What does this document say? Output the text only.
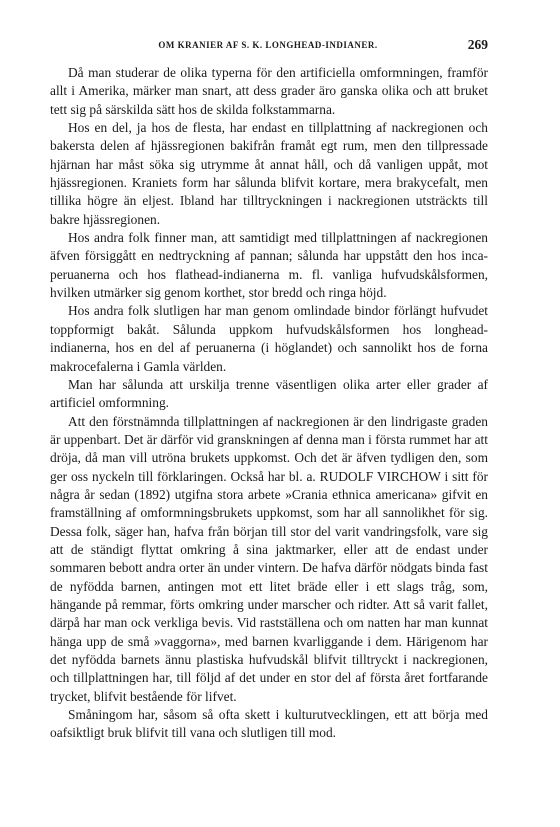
OM KRANIER AF S. K. LONGHEAD-INDIANER.	269

Då man studerar de olika typerna för den artificiella omformningen, framför allt i Amerika, märker man snart, att dess grader äro ganska olika och att bruket tett sig på särskilda sätt hos de skilda folkstammarna.

Hos en del, ja hos de flesta, har endast en tillplattning af nackregionen och bakersta delen af hjässregionen bakifrån framåt egt rum, men den tillpressade hjärnan har måst söka sig utrymme åt annat håll, och då vanligen uppåt, mot hjässregionen. Kraniets form har sålunda blifvit kortare, mera brakycefalt, men tillika högre än eljest. Ibland har tilltryckningen i nackregionen utsträckts till bakre hjässregionen.

Hos andra folk finner man, att samtidigt med tillplattningen af nackregionen äfven försiggått en nedtryckning af pannan; sålunda har uppstått den hos inca-peruanerna och hos flathead-indianerna m. fl. vanliga hufvudskålsformen, hvilken utmärker sig genom korthet, stor bredd och ringa höjd.

Hos andra folk slutligen har man genom omlindade bindor förlängt hufvudet toppformigt bakåt. Sålunda uppkom hufvudskålsformen hos longhead-indianerna, hos en del af peruanerna (i höglandet) och sannolikt hos de forna makrocefalerna i Gamla världen.

Man har sålunda att urskilja trenne väsentligen olika arter eller grader af artificiel omformning.

Att den förstnämnda tillplattningen af nackregionen är den lindrigaste graden är uppenbart. Det är därför vid granskningen af denna man i första rummet har att dröja, då man vill utröna brukets uppkomst. Och det är äfven tydligen den, som ger oss nyckeln till förklaringen. Också har bl. a. RUDOLF VIRCHOW i sitt för några år sedan (1892) utgifna stora arbete »Crania ethnica americana» gifvit en framställning af omformningsbrukets uppkomst, som har all sannolikhet för sig. Dessa folk, säger han, hafva från början till stor del varit vandringsfolk, vare sig att de ständigt flyttat omkring å sina jaktmarker, eller att de endast under sommaren bebott andra orter än under vintern. De hafva därför nödgats binda fast de nyfödda barnen, antingen mot ett litet bräde eller i ett slags tråg, som, hängande på remmar, förts omkring under marscher och ridter. Att så varit fallet, därpå har man ock verkliga bevis. Vid rastställena och om natten har man kunnat hänga upp de små »vaggorna», med barnen kvarliggande i dem. Härigenom har det nyfödda barnets ännu plastiska hufvudskål blifvit tilltryckt i nackregionen, och tillplattningen har, till följd af det under en stor del af första året fortfarande trycket, blifvit bestående för lifvet.

Småningom har, såsom så ofta skett i kulturutvecklingen, ett att börja med oafsiktligt bruk blifvit till vana och slutligen till mod.
